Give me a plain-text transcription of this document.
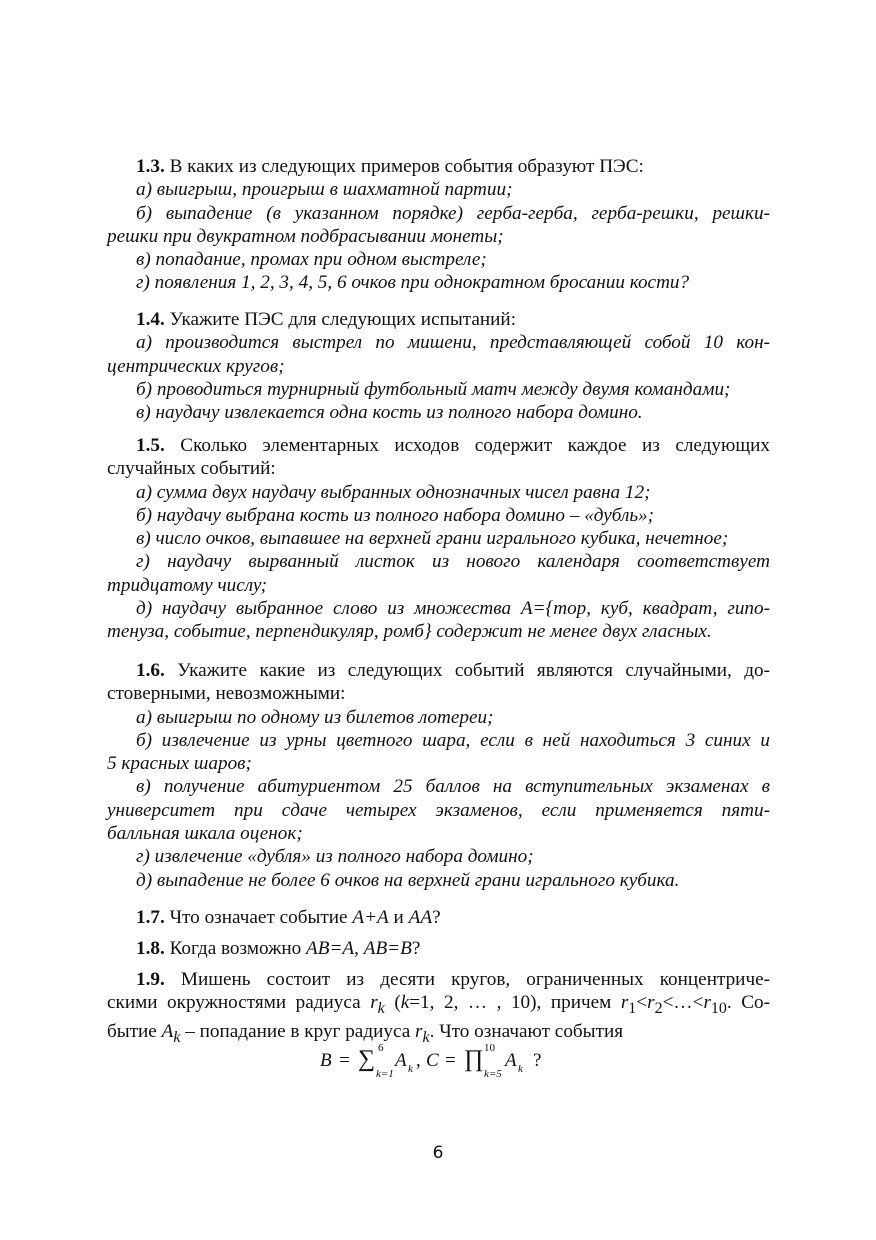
1.3. В каких из следующих примеров события образуют ПЭС:

а) выигрыш, проигрыш в шахматной партии;

б) выпадение (в указанном порядке) герба-герба, герба-решки, решки-

решки при двукратном подбрасывании монеты;

в) попадание, промах при одном выстреле;

г) появления 1, 2, 3, 4, 5, 6 очков при однократном бросании кости?

1.4. Укажите ПЭС для следующих испытаний:

а) производится выстрел по мишени, представляющей собой 10 кон-

центрических кругов;

б) проводиться турнирный футбольный матч между двумя командами;

в) наудачу извлекается одна кость из полного набора домино.

1.5. Сколько элементарных исходов содержит каждое из следующих

случайных событий:

а) сумма двух наудачу выбранных однозначных чисел равна 12;

б) наудачу выбрана кость из полного набора домино – «дубль»;

в) число очков, выпавшее на верхней грани игрального кубика, нечетное;

г) наудачу вырванный листок из нового календаря соответствует

тридцатому числу;

д) наудачу выбранное слово из множества A={тор, куб, квадрат, гипо-

тенуза, событие, перпендикуляр, ромб} содержит не менее двух гласных.

1.6. Укажите какие из следующих событий являются случайными, до-

стоверными, невозможными:

а) выигрыш по одному из билетов лотереи;

б) извлечение из урны цветного шара, если в ней находиться 3 синих и

5 красных шаров;

в) получение абитуриентом 25 баллов на вступительных экзаменах в

университет при сдаче четырех экзаменов, если применяется пяти-

балльная шкала оценок;

г) извлечение «дубля» из полного набора домино;

д) выпадение не более 6 очков на верхней грани игрального кубика.

1.7. Что означает событие A+A и AA?

1.8. Когда возможно AB=A, AB=B?

1.9. Мишень состоит из десяти кругов, ограниченных концентриче-

скими окружностями радиуса $r_k$ (k=1, 2, … , 10), причем $r_1<r_2<\dots<r_{10}$. Со-

бытие $A_k$ – попадание в круг радиуса $r_k$. Что означают события

B = ∑ 6
k=1
A k , C = ∏ 10
k=5
A k ?
6
